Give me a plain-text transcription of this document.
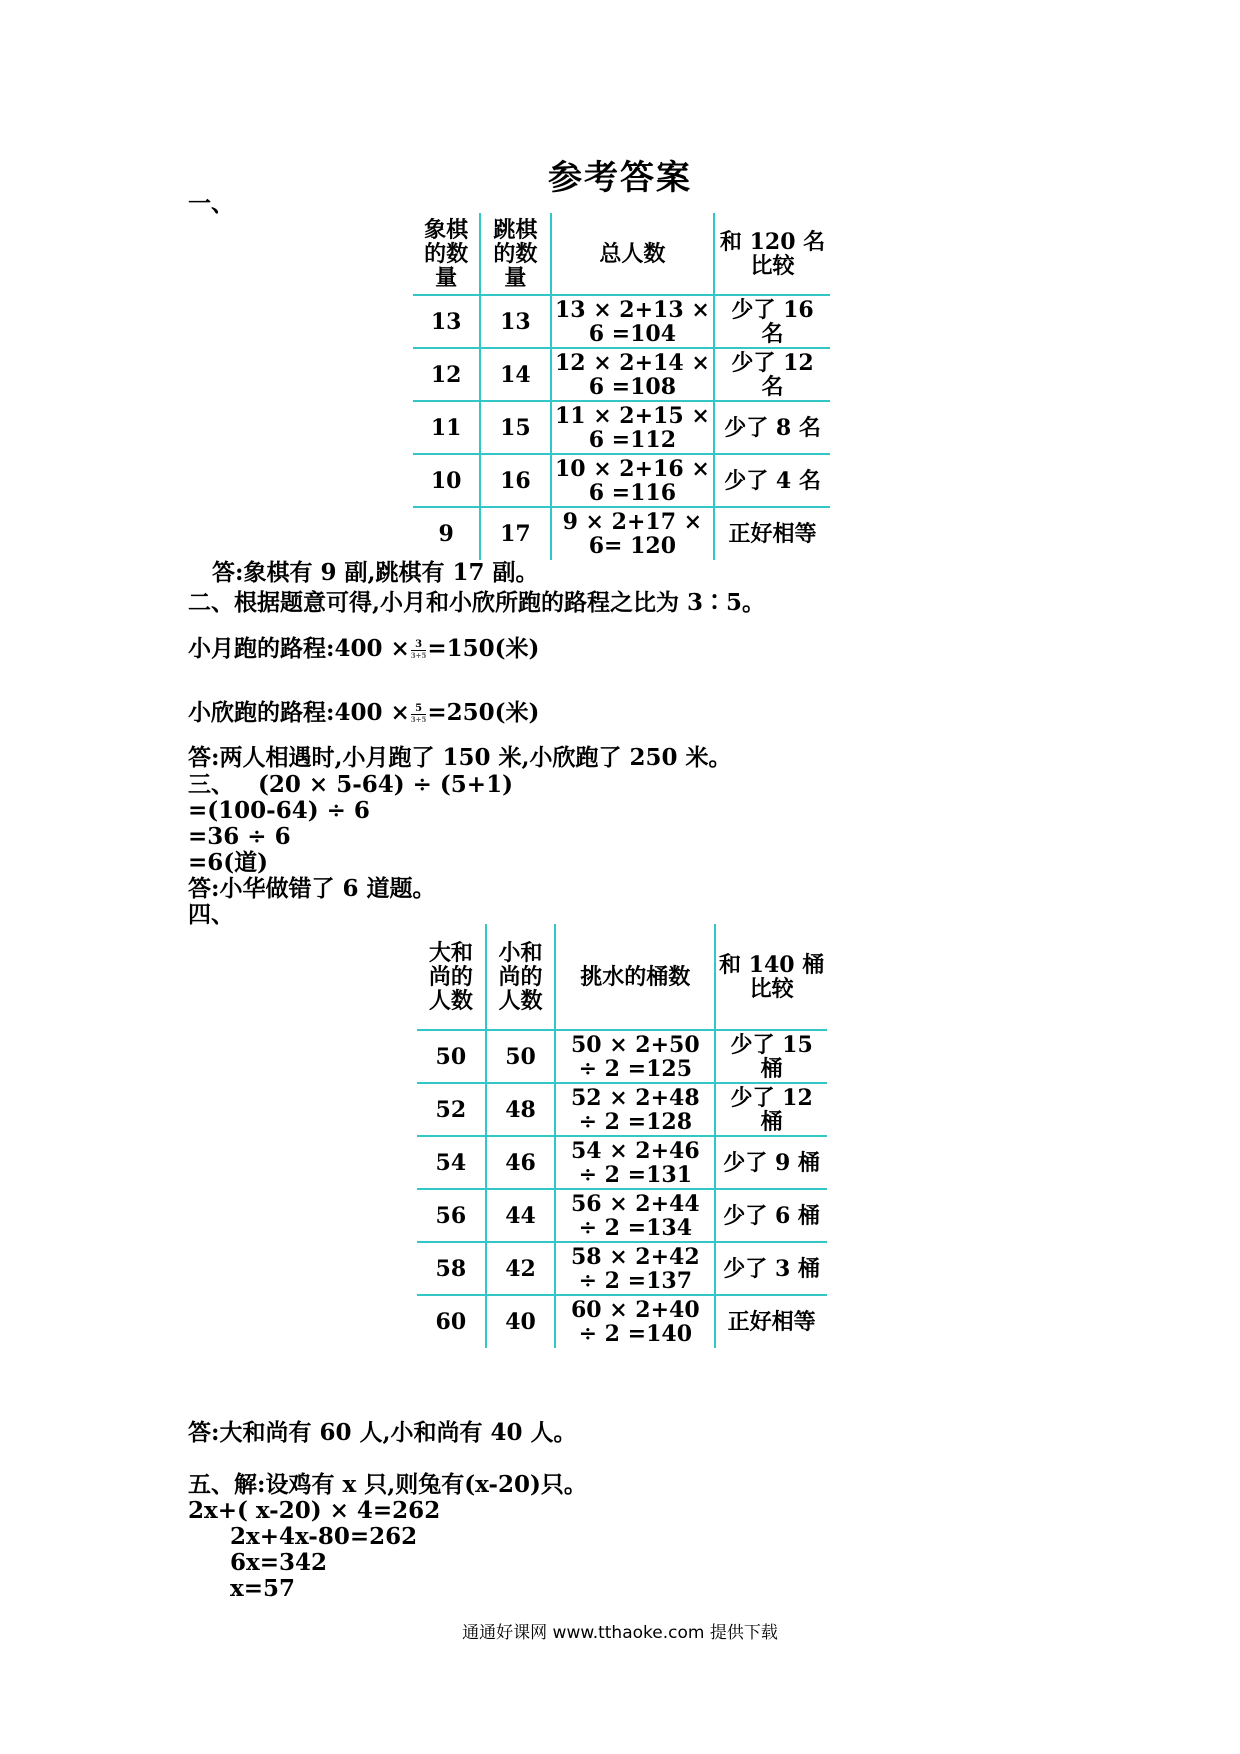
参考答案
一、
象棋的数量	跳棋的数量	总人数	和 120 名比较
13	13	13 × 2+13 × 6 =104	少了 16 名
12	14	12 × 2+14 × 6 =108	少了 12 名
11	15	11 × 2+15 × 6 =112	少了 8 名
10	16	10 × 2+16 × 6 =116	少了 4 名
9	17	9 × 2+17 × 6= 120	正好相等
答:象棋有 9 副,跳棋有 17 副。
二、根据题意可得,小月和小欣所跑的路程之比为 3∶5。
小月跑的路程:400 × $\frac{3}{3+5} =150$(米)
小欣跑的路程:400 × $\frac{5}{3+5} =250$(米)
答:两人相遇时,小月跑了 150 米,小欣跑了 250 米。
三、   (20 × 5-64) ÷ (5+1)
=(100-64) ÷ 6
=36 ÷ 6
=6(道)
答:小华做错了 6 道题。
四、
大和尚的人数	小和尚的人数	挑水的桶数	和 140 桶比较
50	50	50 × 2+50 ÷ 2 =125	少了 15 桶
52	48	52 × 2+48 ÷ 2 =128	少了 12 桶
54	46	54 × 2+46 ÷ 2 =131	少了 9 桶
56	44	56 × 2+44 ÷ 2 =134	少了 6 桶
58	42	58 × 2+42 ÷ 2 =137	少了 3 桶
60	40	60 × 2+40 ÷ 2 =140	正好相等
答:大和尚有 60 人,小和尚有 40 人。
五、解:设鸡有 x 只,则兔有(x-20)只。
2x+( x-20) × 4=262
2x+4x-80=262
6x=342
x=57
通通好课网 www.tthaoke.com 提供下载
